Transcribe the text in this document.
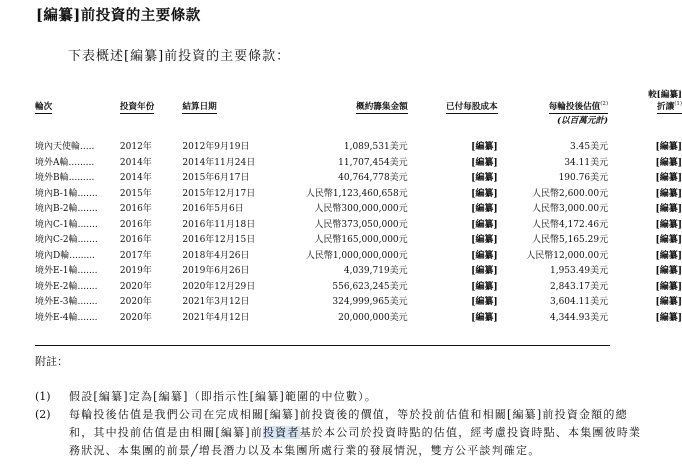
[編纂]前投資的主要條款
下表概述[編纂]前投資的主要條款：
輪次	投資年份	結算日期	概約籌集金額	已付每股成本	每輪投後估值$^{(2)}$	較[編纂]
折讓$^{(1)}$
					(以百萬元計)	
境內天使輪.....	2012年	2012年9月19日	1,089,531美元	[編纂]	3.45美元	[編纂]
境外A輪.........	2014年	2014年11月24日	11,707,454美元	[編纂]	34.11美元	[編纂]
境外B輪.........	2014年	2015年6月17日	40,764,778美元	[編纂]	190.76美元	[編纂]
境內B-1輪.......	2015年	2015年12月17日	人民幣1,123,460,658元	[編纂]	人民幣2,600.00元	[編纂]
境內B-2輪.......	2016年	2016年5月6日	人民幣300,000,000元	[編纂]	人民幣3,000.00元	[編纂]
境內C-1輪.......	2016年	2016年11月18日	人民幣373,050,000元	[編纂]	人民幣4,172.46元	[編纂]
境內C-2輪.......	2016年	2016年12月15日	人民幣165,000,000元	[編纂]	人民幣5,165.29元	[編纂]
境內D輪.........	2017年	2018年4月26日	人民幣1,000,000,000元	[編纂]	人民幣12,000.00元	[編纂]
境外E-1輪.......	2019年	2019年6月26日	4,039,719美元	[編纂]	1,953.49美元	[編纂]
境外E-2輪.......	2020年	2020年12月29日	556,623,245美元	[編纂]	2,843.17美元	[編纂]
境外E-3輪.......	2020年	2021年3月12日	324,999,965美元	[編纂]	3,604.11美元	[編纂]
境外E-4輪.......	2020年	2021年4月12日	20,000,000美元	[編纂]	4,344.93美元	[編纂]
附註：
(1) 假設[編纂]定為[編纂]（即指示性[編纂]範圍的中位數）。
(2) 每輪投後估值是我們公司在完成相關[編纂]前投資後的價值，等於投前估值和相關[編纂]前投資金額的總
和，其中投前估值是由相關[編纂]前投資者基於本公司於投資時點的估值，經考慮投資時點、本集團彼時業
務狀況、本集團的前景╱增長潛力以及本集團所處行業的發展情況，雙方公平談判確定。
